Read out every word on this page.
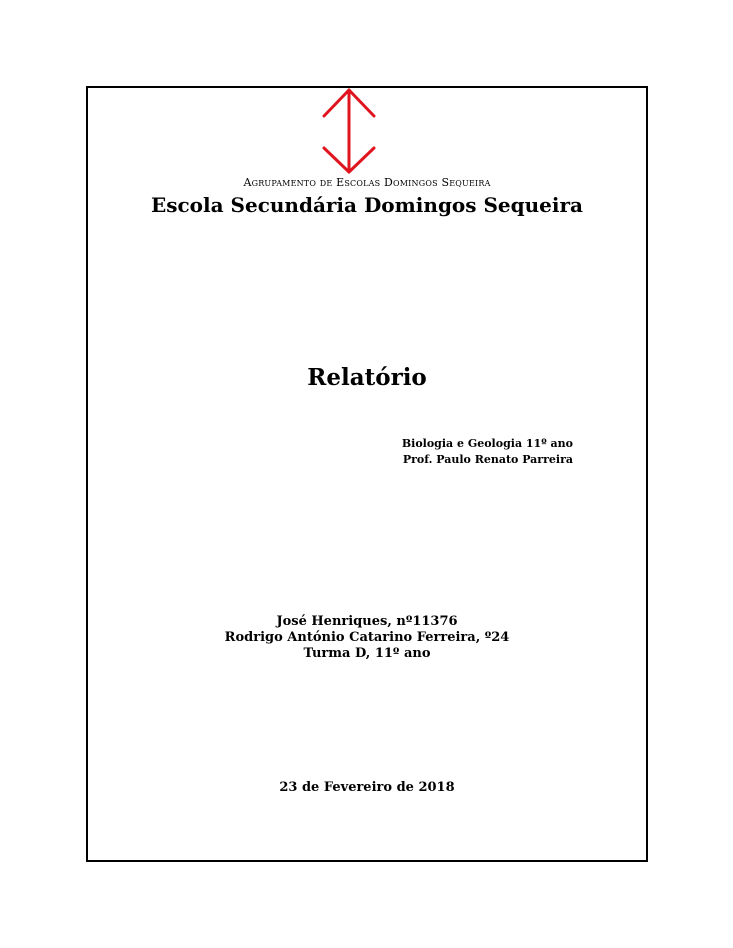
Agrupamento de Escolas Domingos Sequeira
Escola Secundária Domingos Sequeira
Relatório
Biologia e Geologia 11º ano
Prof. Paulo Renato Parreira
José Henriques, nº11376
Rodrigo António Catarino Ferreira, º24
Turma D, 11º ano
23 de Fevereiro de 2018
